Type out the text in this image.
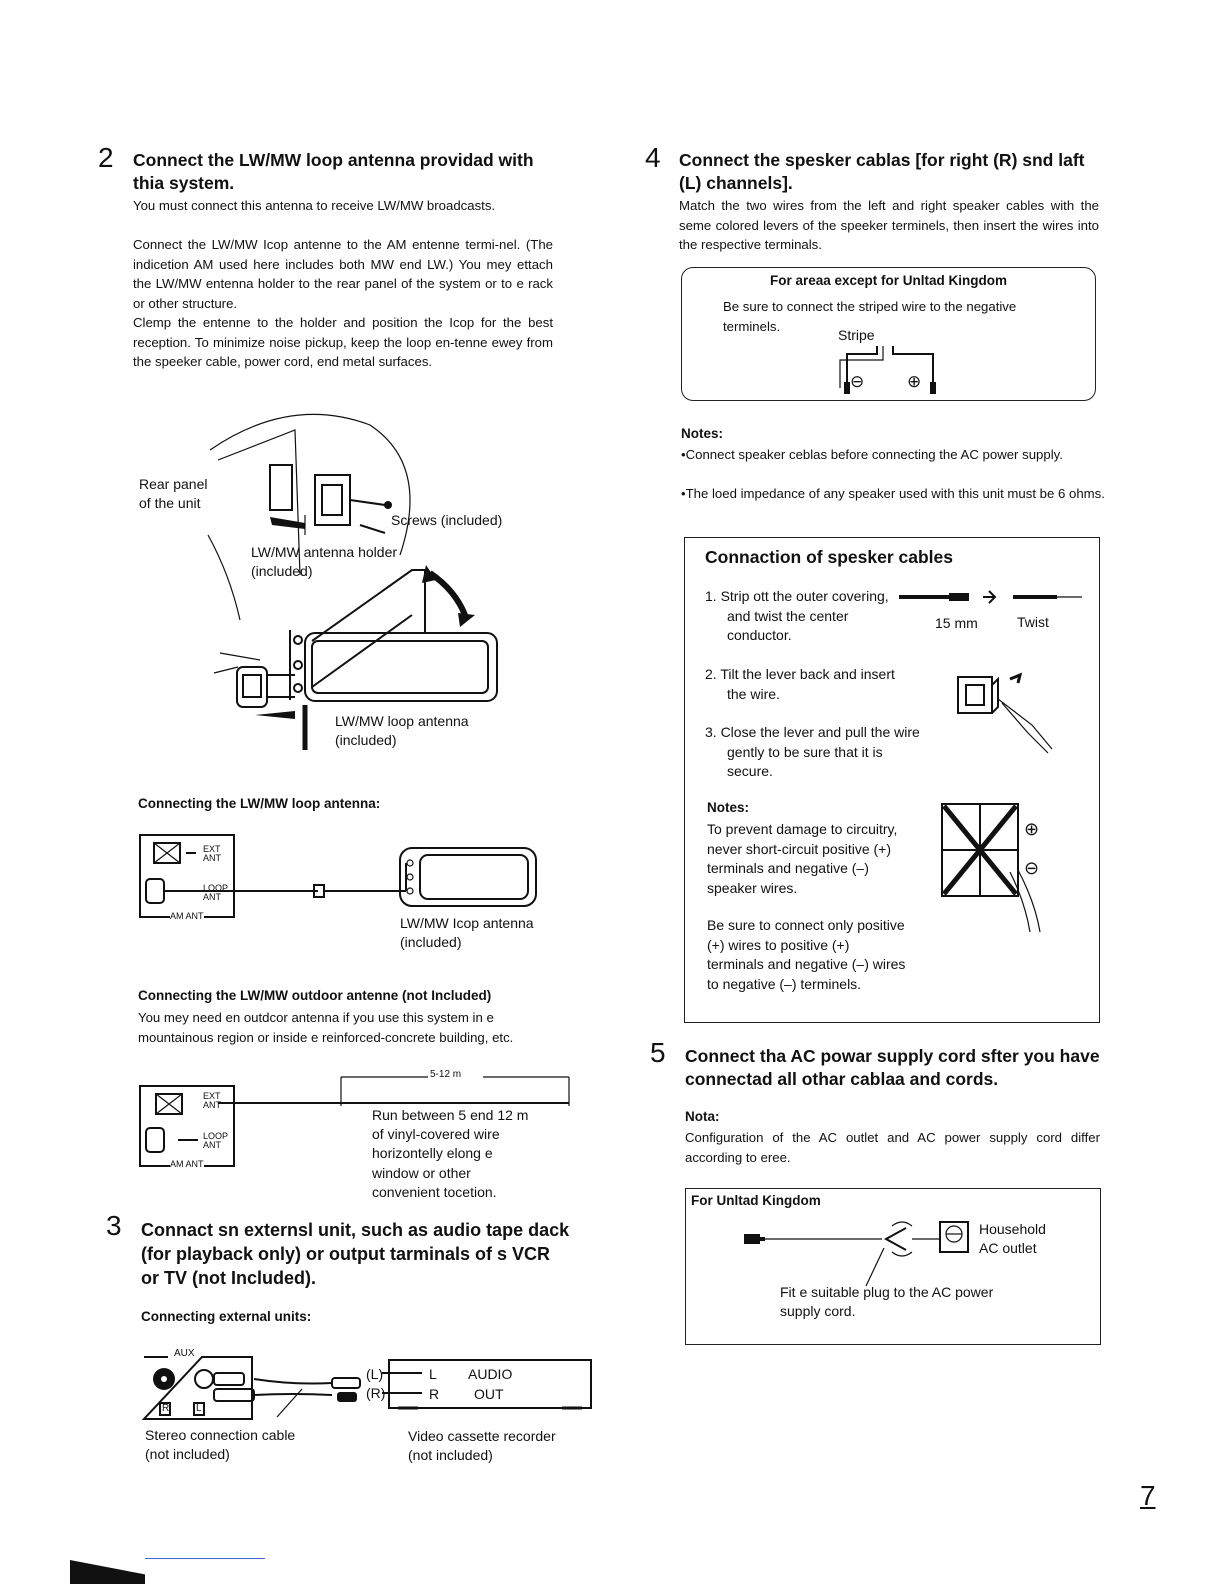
2 Connect the LW/MW loop antenna providad with thia system.
You must connect this antenna to receive LW/MW broadcasts.
Connect the LW/MW Icop antenne to the AM entenne termi-nel. (The indicetion AM used here includes both MW end LW.) You mey ettach the LW/MW entenna holder to the rear panel of the system or to e rack or other structure.
Clemp the entenne to the holder and position the Icop for the best reception. To minimize noise pickup, keep the loop en-tenne ewey from the speeker cable, power cord, end metal surfaces.
Rear panel
of the unit
Screws (included)
LW/MW antenna holder
(included)
LW/MW loop antenna
(included)
Connecting the LW/MW loop antenna:
EXT ANT
LOOP ANT
AM ANT	LW/MW Icop antenna
(included)
Connecting the LW/MW outdoor antenne (not Included)
You mey need en outdcor antenna if you use this system in e mountainous region or inside e reinforced-concrete building, etc.
5-12 m
EXT ANT
LOOP ANT
AM ANT
Run between 5 end 12 m
of vinyl-covered wire
horizontelly elong e
window or other
convenient tocetion.
3 Connact sn externsl unit, such as audio tape dack (for playback only) or output tarminals of s VCR or TV (not Included).
Connecting external units:
AUX
R	L
(L)
(R)
L
R
AUDIO
OUT
Stereo connection cable
(not included)
Video cassette recorder
(not included)
4 Connect the spesker cablas [for right (R) snd laft (L) channels].
Match the two wires from the left and right speaker cables with the seme colored levers of the speeker terminels, then insert the wires into the respective terminals.
For areaa except for Unltad Kingdom
Be sure to connect the striped wire to the negative terminels.
Stripe
⊖	⊕
Notes:
•Connect speaker ceblas before connecting the AC power supply.
•The loed impedance of any speaker used with this unit must be 6 ohms.
Connaction of spesker cables
1. Strip ott the outer covering, and twist the center conductor.
15 mm	Twist
2. Tilt the lever back and insert the wire.
3. Close the lever and pull the wire gently to be sure that it is secure.
Notes:
To prevent damage to circuitry, never short-circuit positive (+) terminals and negative (–) speaker wires.
Be sure to connect only positive (+) wires to positive (+) terminals and negative (–) wires to negative (–) terminels.
⊕
⊖
5 Connect tha AC powar supply cord sfter you have connectad all othar cablaa and cords.
Nota:
Configuration of the AC outlet and AC power supply cord differ according to eree.
For Unltad Kingdom
Household
AC outlet
Fit e suitable plug to the AC power
supply cord.
7
